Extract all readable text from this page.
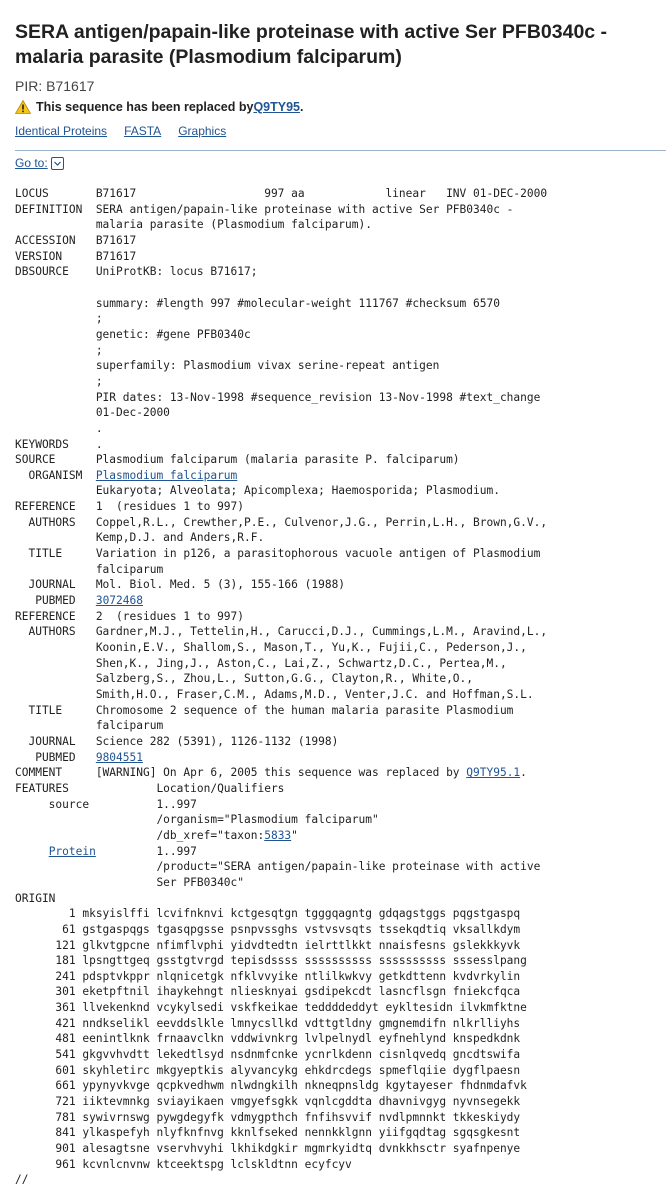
SERA antigen/papain-like proteinase with active Ser PFB0340c - malaria parasite (Plasmodium falciparum)
PIR: B71617
This sequence has been replaced by Q9TY95 .
Identical Proteins FASTA Graphics
Go to:
LOCUS       B71617                   997 aa            linear   INV 01-DEC-2000
DEFINITION  SERA antigen/papain-like proteinase with active Ser PFB0340c -
malaria parasite (Plasmodium falciparum).
ACCESSION   B71617
VERSION     B71617
DBSOURCE    UniProtKB: locus B71617;

summary: #length 997 #molecular-weight 111767 #checksum 6570
;
genetic: #gene PFB0340c
;
superfamily: Plasmodium vivax serine-repeat antigen
;
PIR dates: 13-Nov-1998 #sequence_revision 13-Nov-1998 #text_change
01-Dec-2000
.
KEYWORDS    .
SOURCE      Plasmodium falciparum (malaria parasite P. falciparum)
ORGANISM  Plasmodium falciparum
Eukaryota; Alveolata; Apicomplexa; Haemosporida; Plasmodium.
REFERENCE   1  (residues 1 to 997)
AUTHORS   Coppel,R.L., Crewther,P.E., Culvenor,J.G., Perrin,L.H., Brown,G.V.,
Kemp,D.J. and Anders,R.F.
TITLE     Variation in p126, a parasitophorous vacuole antigen of Plasmodium
falciparum
JOURNAL   Mol. Biol. Med. 5 (3), 155-166 (1988)
PUBMED   3072468
REFERENCE   2  (residues 1 to 997)
AUTHORS   Gardner,M.J., Tettelin,H., Carucci,D.J., Cummings,L.M., Aravind,L.,
Koonin,E.V., Shallom,S., Mason,T., Yu,K., Fujii,C., Pederson,J.,
Shen,K., Jing,J., Aston,C., Lai,Z., Schwartz,D.C., Pertea,M.,
Salzberg,S., Zhou,L., Sutton,G.G., Clayton,R., White,O.,
Smith,H.O., Fraser,C.M., Adams,M.D., Venter,J.C. and Hoffman,S.L.
TITLE     Chromosome 2 sequence of the human malaria parasite Plasmodium
falciparum
JOURNAL   Science 282 (5391), 1126-1132 (1998)
PUBMED   9804551
COMMENT     [WARNING] On Apr 6, 2005 this sequence was replaced by Q9TY95.1.
FEATURES             Location/Qualifiers
source          1..997
/organism="Plasmodium falciparum"
/db_xref="taxon:5833"
Protein         1..997
/product="SERA antigen/papain-like proteinase with active
Ser PFB0340c"
ORIGIN
1 mksyislffi lcvifnknvi kctgesqtgn tgggqagntg gdqagstggs pqgstgaspq
61 gstgaspqgs tgasqpgsse psnpvssghs vstvsvsqts tssekqdtiq vksallkdym
121 glkvtgpcne nfimflvphi yidvdtedtn ielrttlkkt nnaisfesns gslekkkyvk
181 lpsngttgeq gsstgtvrgd tepisdssss ssssssssss ssssssssss sssesslpang
241 pdsptvkppr nlqnicetgk nfklvvyike ntlilkwkvy getkdttenn kvdvrkylin
301 eketpftnil ihaykehngt nliesknyai gsdipekcdt lasncflsgn fniekcfqca
361 llvekenknd vcykylsedi vskfkeikae teddddeddyt eykltesidn ilvkmfktne
421 nndkselikl eevddslkle lmnycsllkd vdttgtldny gmgnemdifn nlkrlliyhs
481 eenintlknk frnaavclkn vddwivnkrg lvlpelnydl eyfnehlynd knspedkdnk
541 gkgvvhvdtt lekedtlsyd nsdnmfcnke ycnrlkdenn cisnlqvedq gncdtswifa
601 skyhletirc mkgyeptkis alyvancykg ehkdrcdegs spmeflqiie dygflpaesn
661 ypynyvkvge qcpkvedhwm nlwdngkilh nkneqpnsldg kgytayeser fhdnmdafvk
721 iiktevmnkg sviayikaen vmgyefsgkk vqnlcgddta dhavnivgyg nyvnsegekk
781 sywivrnswg pywgdegyfk vdmygpthch fnfihsvvif nvdlpmnnkt tkkeskiydy
841 ylkaspefyh nlyfknfnvg kknlfseked nennkklgnn yiifgqdtag sgqsgkesnt
901 alesagtsne vservhvyhi lkhikdgkir mgmrkyidtq dvnkkhsctr syafnpenye
961 kcvnlcnvnw ktceektspg lclskldtnn ecyfcyv
//
